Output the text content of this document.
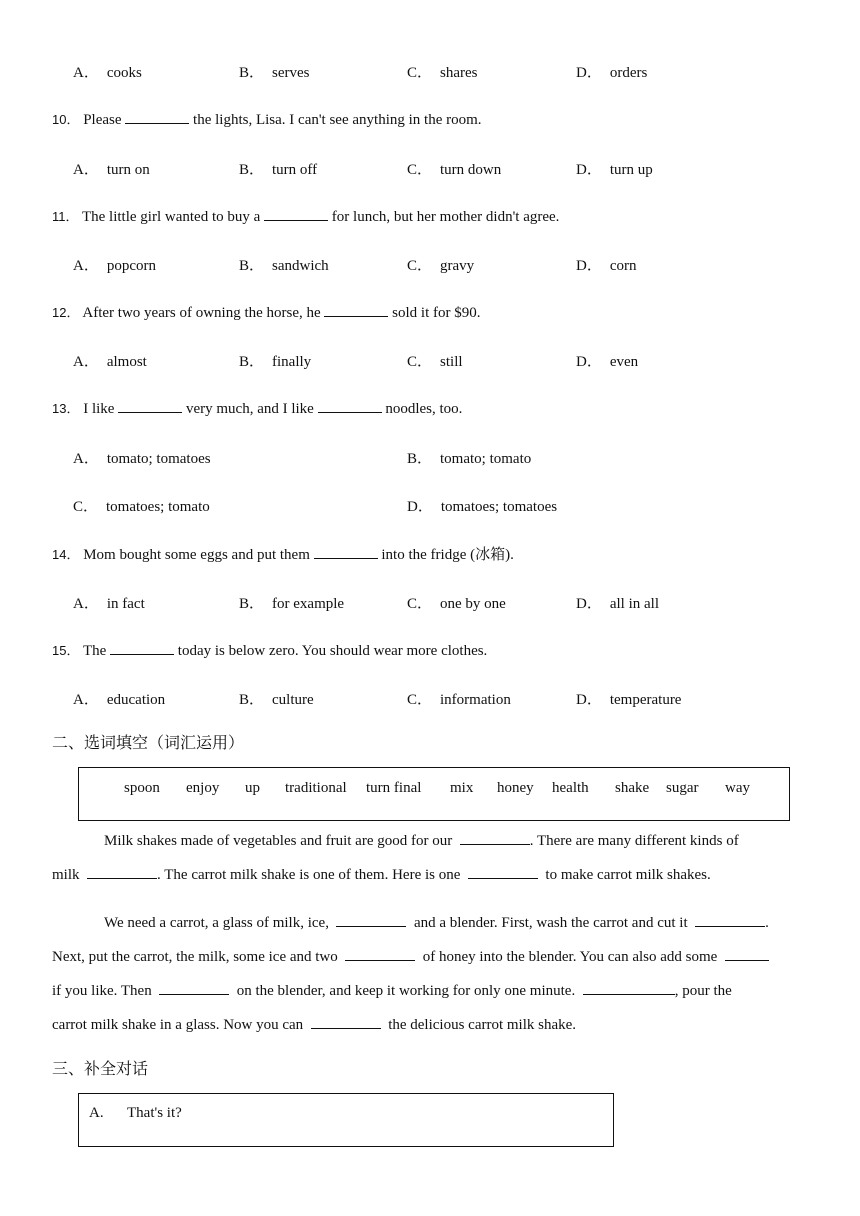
A． cooks	B． serves	C． shares	D． orders
10． Please	the lights, Lisa. I can't see anything in the room.
A． turn on	B． turn off	C． turn down	D． turn up
11． The little girl wanted to buy a	for lunch, but her mother didn't agree.
A． popcorn	B． sandwich	C． gravy	D． corn
12． After two years of owning the horse, he	sold it for $90.
A． almost	B． finally	C． still	D． even
13． I like	very much, and I like	noodles, too.
A． tomato; tomatoes	B． tomato; tomato
C． tomatoes; tomato	D． tomatoes; tomatoes
14． Mom bought some eggs and put them	into the fridge (冰箱).
A． in fact	B． for example	C． one by one	D． all in all
15． The	today is below zero. You should wear more clothes.
A． education	B． culture	C． information	D． temperature
二、选词填空（词汇运用）
spoon enjoy up traditional turn final mix honey health shake sugar way
Milk shakes made of vegetables and fruit are good for our	. There are many different kinds of
milk	. The carrot milk shake is one of them. Here is one	to make carrot milk shakes.
We need a carrot, a glass of milk, ice,	and a blender. First, wash the carrot and cut it	.
Next, put the carrot, the milk, some ice and two	of honey into the blender. You can also add some
if you like. Then	on the blender, and keep it working for only one minute.	, pour the
carrot milk shake in a glass. Now you can	the delicious carrot milk shake.
三、补全对话
A. That's it?
